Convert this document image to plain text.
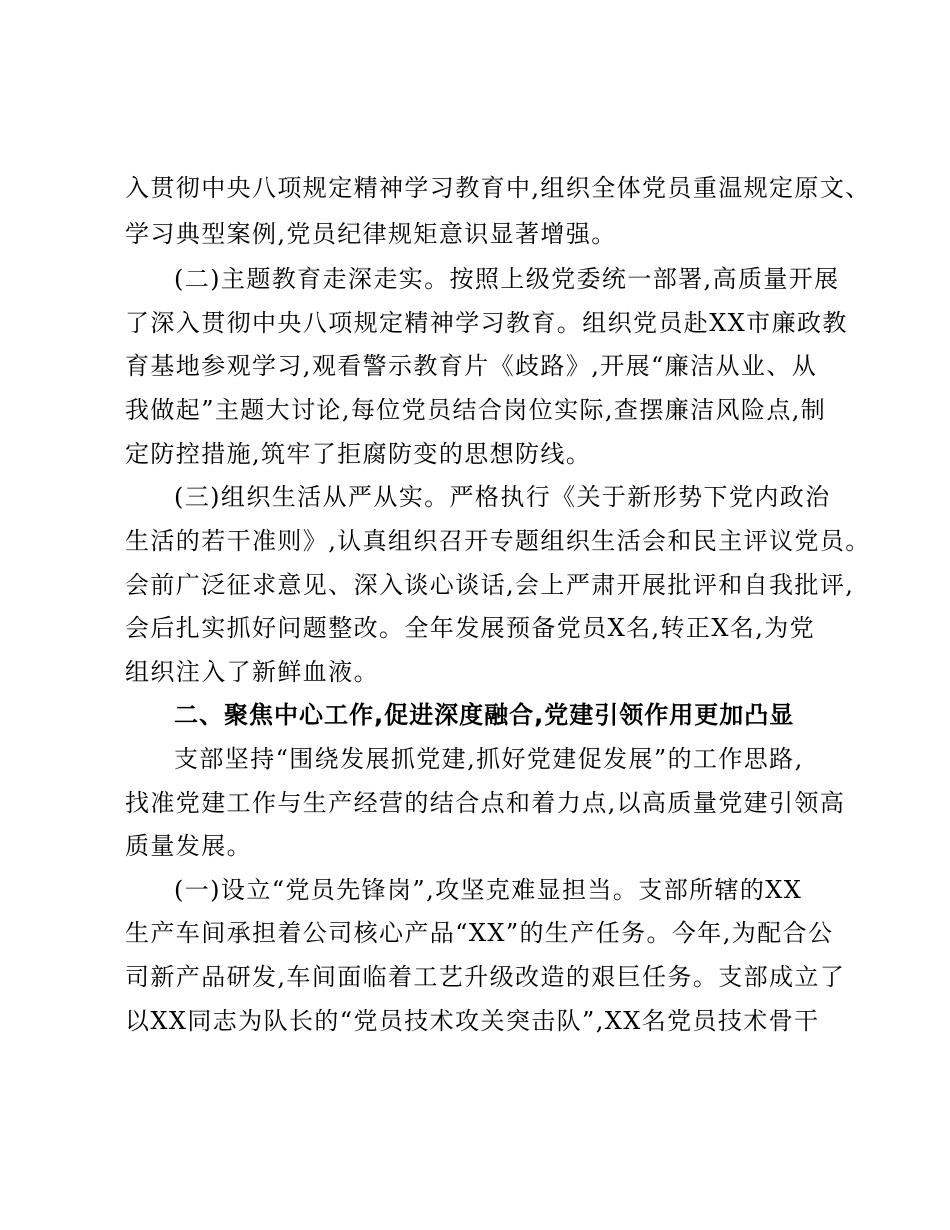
入贯彻中央八项规定精神学习教育中,组织全体党员重温规定原文、
学习典型案例,党员纪律规矩意识显著增强。
(二)主题教育走深走实。按照上级党委统一部署,高质量开展
了深入贯彻中央八项规定精神学习教育。组织党员赴XX市廉政教
育基地参观学习,观看警示教育片《歧路》,开展“廉洁从业、从
我做起”主题大讨论,每位党员结合岗位实际,查摆廉洁风险点,制
定防控措施,筑牢了拒腐防变的思想防线。
(三)组织生活从严从实。严格执行《关于新形势下党内政治
生活的若干准则》,认真组织召开专题组织生活会和民主评议党员。
会前广泛征求意见、深入谈心谈话,会上严肃开展批评和自我批评,
会后扎实抓好问题整改。全年发展预备党员X名,转正X名,为党
组织注入了新鲜血液。
二、聚焦中心工作,促进深度融合,党建引领作用更加凸显
支部坚持“围绕发展抓党建,抓好党建促发展”的工作思路,
找准党建工作与生产经营的结合点和着力点,以高质量党建引领高
质量发展。
(一)设立“党员先锋岗”,攻坚克难显担当。支部所辖的XX
生产车间承担着公司核心产品“XX”的生产任务。今年,为配合公
司新产品研发,车间面临着工艺升级改造的艰巨任务。支部成立了
以XX同志为队长的“党员技术攻关突击队”,XX名党员技术骨干
